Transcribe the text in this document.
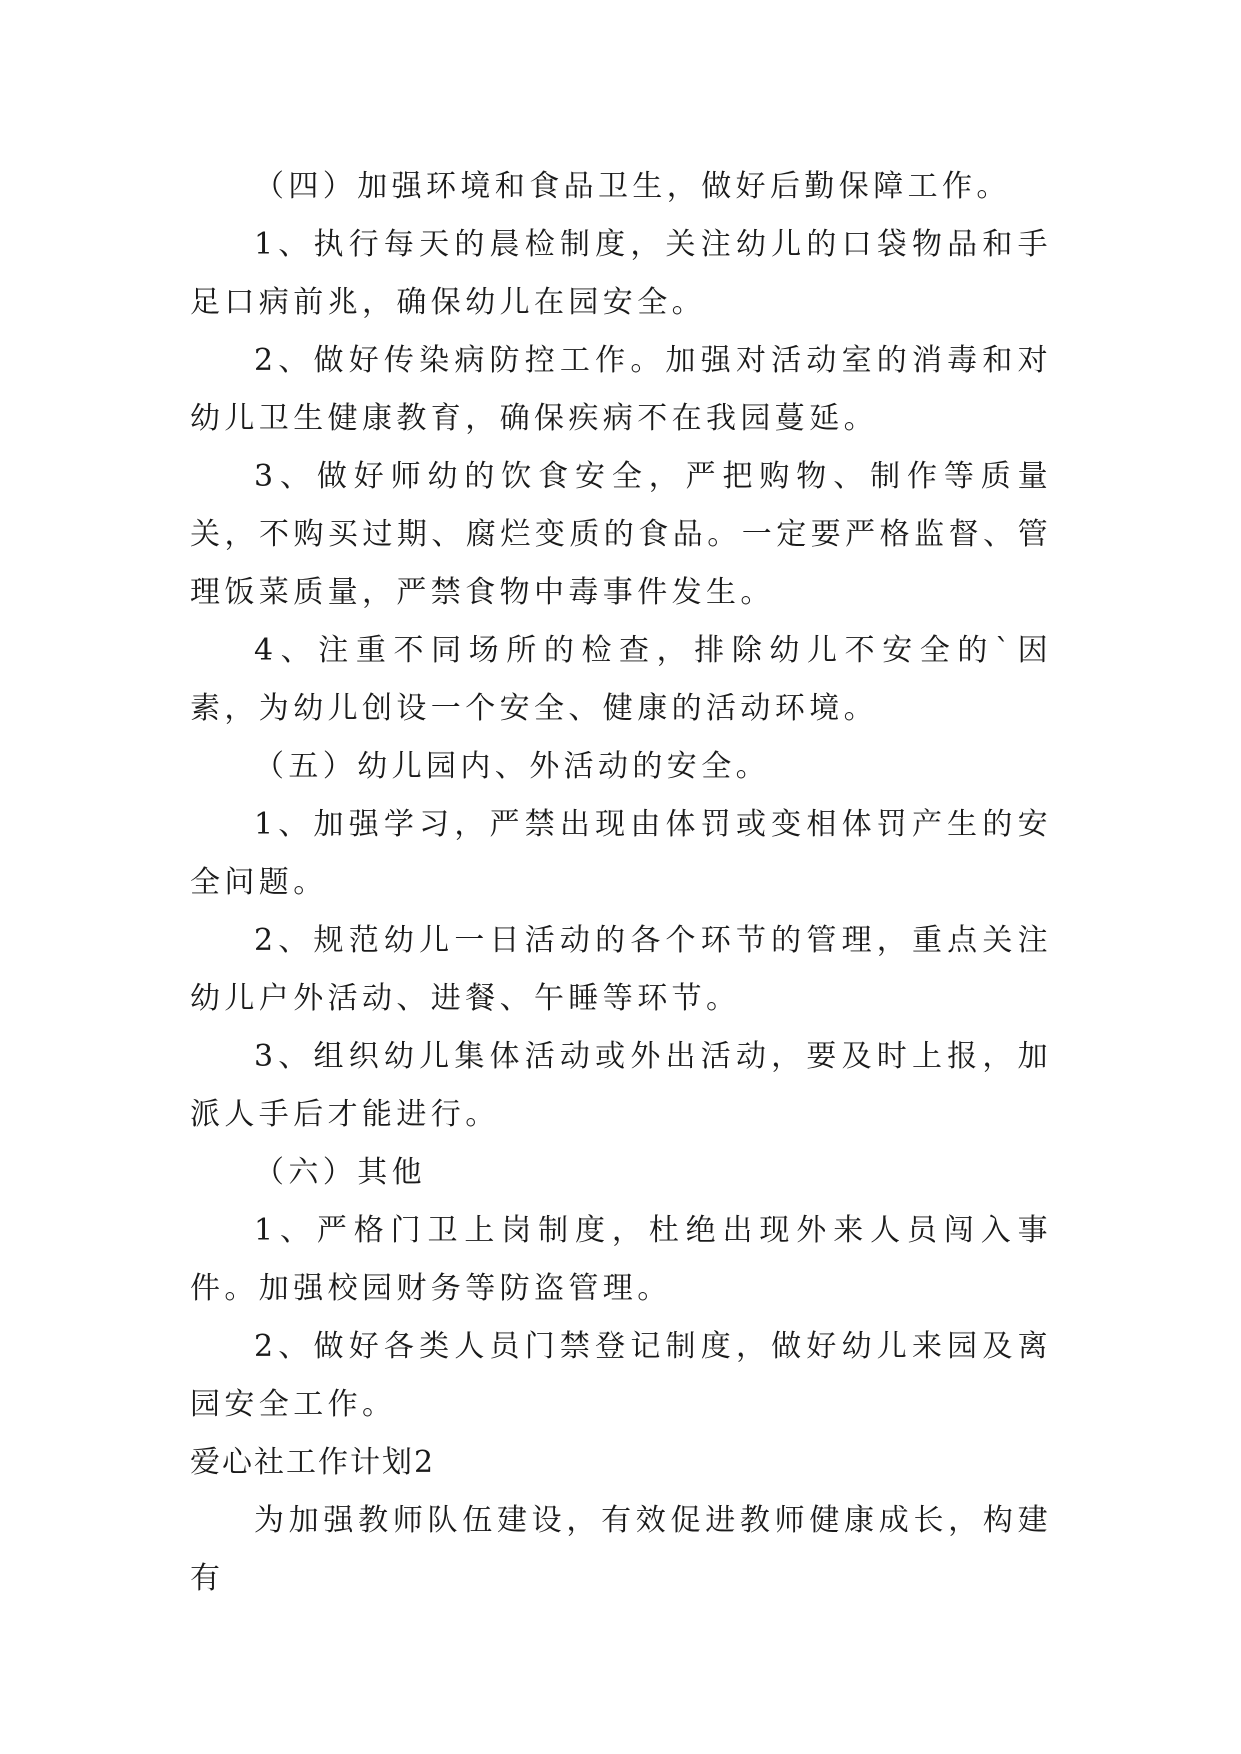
（四）加强环境和食品卫生，做好后勤保障工作。

1、执行每天的晨检制度，关注幼儿的口袋物品和手足口病前兆，确保幼儿在园安全。

2、做好传染病防控工作。加强对活动室的消毒和对幼儿卫生健康教育，确保疾病不在我园蔓延。

3、做好师幼的饮食安全，严把购物、制作等质量关，不购买过期、腐烂变质的食品。一定要严格监督、管理饭菜质量，严禁食物中毒事件发生。

4、注重不同场所的检查，排除幼儿不安全的`因素，为幼儿创设一个安全、健康的活动环境。

（五）幼儿园内、外活动的安全。

1、加强学习，严禁出现由体罚或变相体罚产生的安全问题。

2、规范幼儿一日活动的各个环节的管理，重点关注幼儿户外活动、进餐、午睡等环节。

3、组织幼儿集体活动或外出活动，要及时上报，加派人手后才能进行。

（六）其他

1、严格门卫上岗制度，杜绝出现外来人员闯入事件。加强校园财务等防盗管理。

2、做好各类人员门禁登记制度，做好幼儿来园及离园安全工作。

爱心社工作计划2

为加强教师队伍建设，有效促进教师健康成长，构建有
